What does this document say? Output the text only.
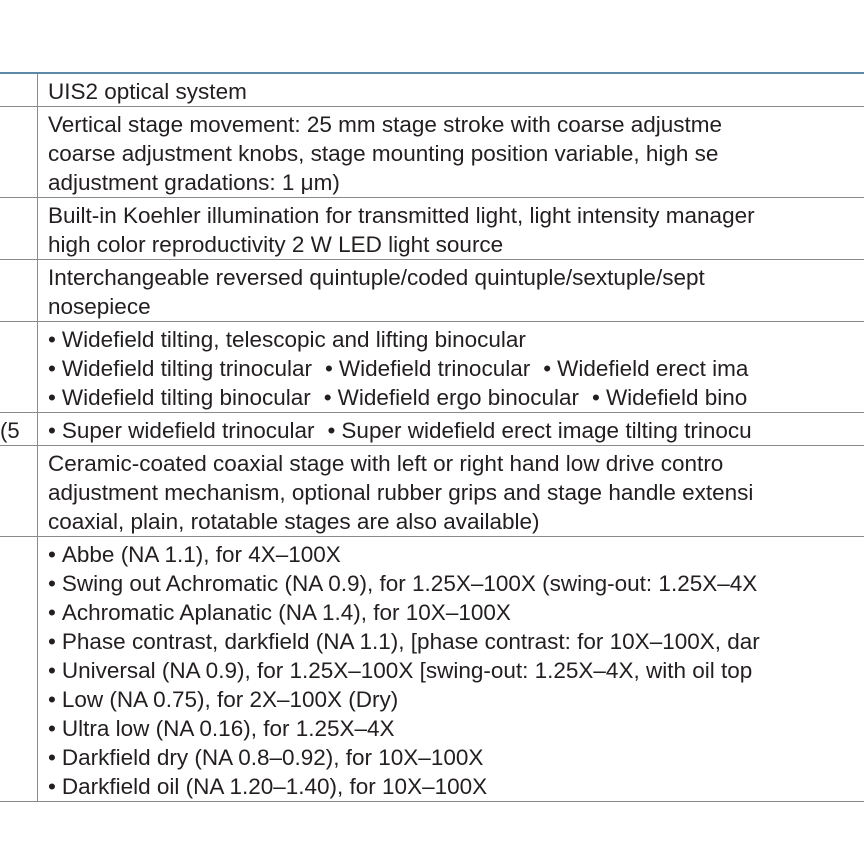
UIS2 optical system
Vertical stage movement: 25 mm stage stroke with coarse adjustme
coarse adjustment knobs, stage mounting position variable, high se
adjustment gradations: 1 μm)
Built-in Koehler illumination for transmitted light, light intensity manager
high color reproductivity 2 W LED light source
Interchangeable reversed quintuple/coded quintuple/sextuple/sept
nosepiece
• Widefield tilting, telescopic and lifting binocular
• Widefield tilting trinocular • Widefield trinocular • Widefield erect ima
• Widefield tilting binocular • Widefield ergo binocular • Widefield bino
5)	• Super widefield trinocular • Super widefield erect image tilting trinocu
Ceramic-coated coaxial stage with left or right hand low drive contro
adjustment mechanism, optional rubber grips and stage handle extensi
coaxial, plain, rotatable stages are also available)
• Abbe (NA 1.1), for 4X–100X
• Swing out Achromatic (NA 0.9), for 1.25X–100X (swing-out: 1.25X–4X
• Achromatic Aplanatic (NA 1.4), for 10X–100X
• Phase contrast, darkfield (NA 1.1), [phase contrast: for 10X–100X, dar
• Universal (NA 0.9), for 1.25X–100X [swing-out: 1.25X–4X, with oil top
• Low (NA 0.75), for 2X–100X (Dry)
• Ultra low (NA 0.16), for 1.25X–4X
• Darkfield dry (NA 0.8–0.92), for 10X–100X
• Darkfield oil (NA 1.20–1.40), for 10X–100X
